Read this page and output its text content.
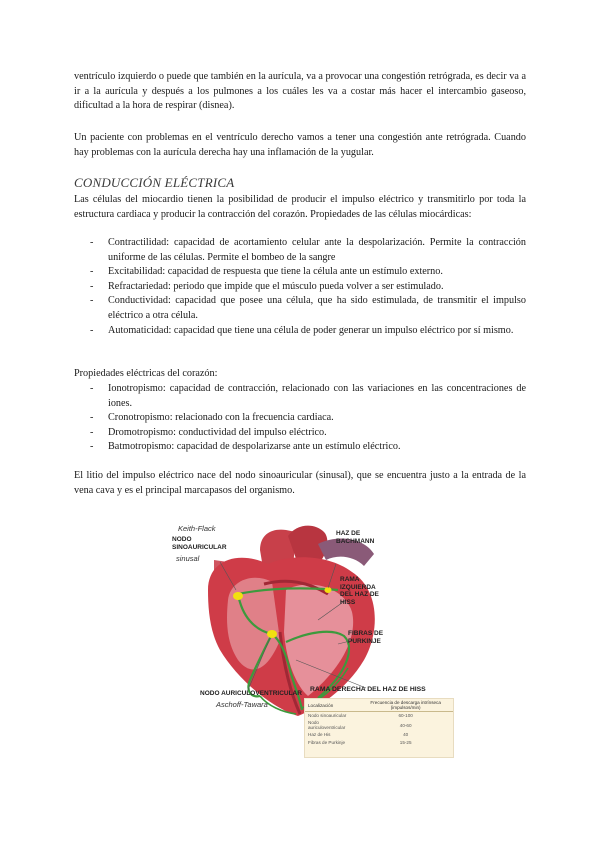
ventrículo izquierdo o puede que también en la aurícula, va a provocar una congestión retrógrada, es decir va a ir a la aurícula y después a los pulmones a los cuáles les va a costar más hacer el intercambio gaseoso, dificultad a la hora de respirar (disnea).

Un paciente con problemas en el ventrículo derecho vamos a tener una congestión ante retrógrada. Cuando hay problemas con la aurícula derecha hay una inflamación de la yugular.

CONDUCCIÓN ELÉCTRICA

Las células del miocardio tienen la posibilidad de producir el impulso eléctrico y transmitirlo por toda la estructura cardiaca y producir la contracción del corazón. Propiedades de las células miocárdicas:

- Contractilidad: capacidad de acortamiento celular ante la despolarización. Permite la contracción uniforme de las células. Permite el bombeo de la sangre
- Excitabilidad: capacidad de respuesta que tiene la célula ante un estímulo externo.
- Refractariedad: periodo que impide que el músculo pueda volver a ser estimulado.
- Conductividad: capacidad que posee una célula, que ha sido estimulada, de transmitir el impulso eléctrico a otra célula.
- Automaticidad: capacidad que tiene una célula de poder generar un impulso eléctrico por sí mismo.

Propiedades eléctricas del corazón:

- Ionotropismo: capacidad de contracción, relacionado con las variaciones en las concentraciones de iones.
- Cronotropismo: relacionado con la frecuencia cardiaca.
- Dromotropismo: conductividad del impulso eléctrico.
- Batmotropismo: capacidad de despolarizarse ante un estímulo eléctrico.

El litio del impulso eléctrico nace del nodo sinoauricular (sinusal), que se encuentra justo a la entrada de la vena cava y es el principal marcapasos del organismo.

Keith-Flack
NODO SINOAURICULAR
sinusal
HAZ DE BACHMANN
RAMA IZQUIERDA DEL HAZ DE HISS
FIBRAS DE PURKINJE
NODO AURICULOVENTRICULAR
Aschoff-Tawara
RAMA DERECHA DEL HAZ DE HISS
Localización	Frecuencia de descarga intrínseca (impulsos/min)
Nodo sinoauricular	60-100
Nodo auriculoventricular	40-60
Haz de His	40
Fibras de Purkinje	15-25
